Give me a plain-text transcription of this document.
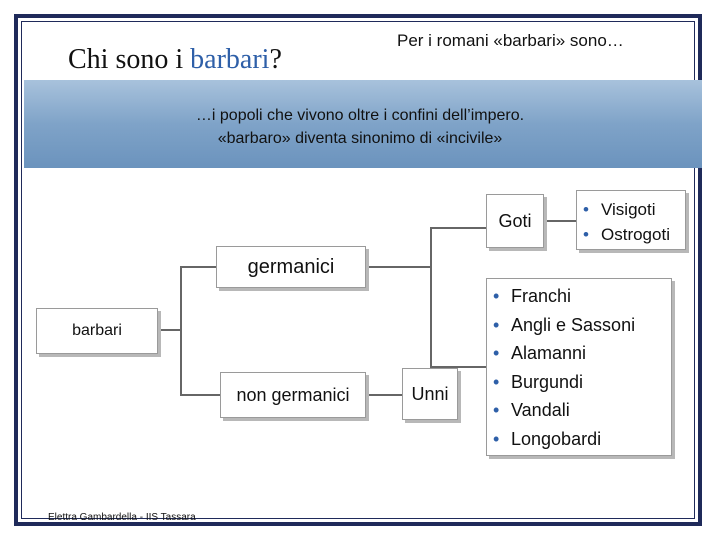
Chi sono i barbari?
Per i romani «barbari» sono…
…i popoli che vivono oltre i confini dell’impero.
«barbaro» diventa sinonimo di «incivile»
barbari
germanici
non germanici	Unni
Goti
• Visigoti
• Ostrogoti
• Franchi
• Angli e Sassoni
• Alamanni
• Burgundi
• Vandali
• Longobardi
Elettra Gambardella - IIS Tassara
